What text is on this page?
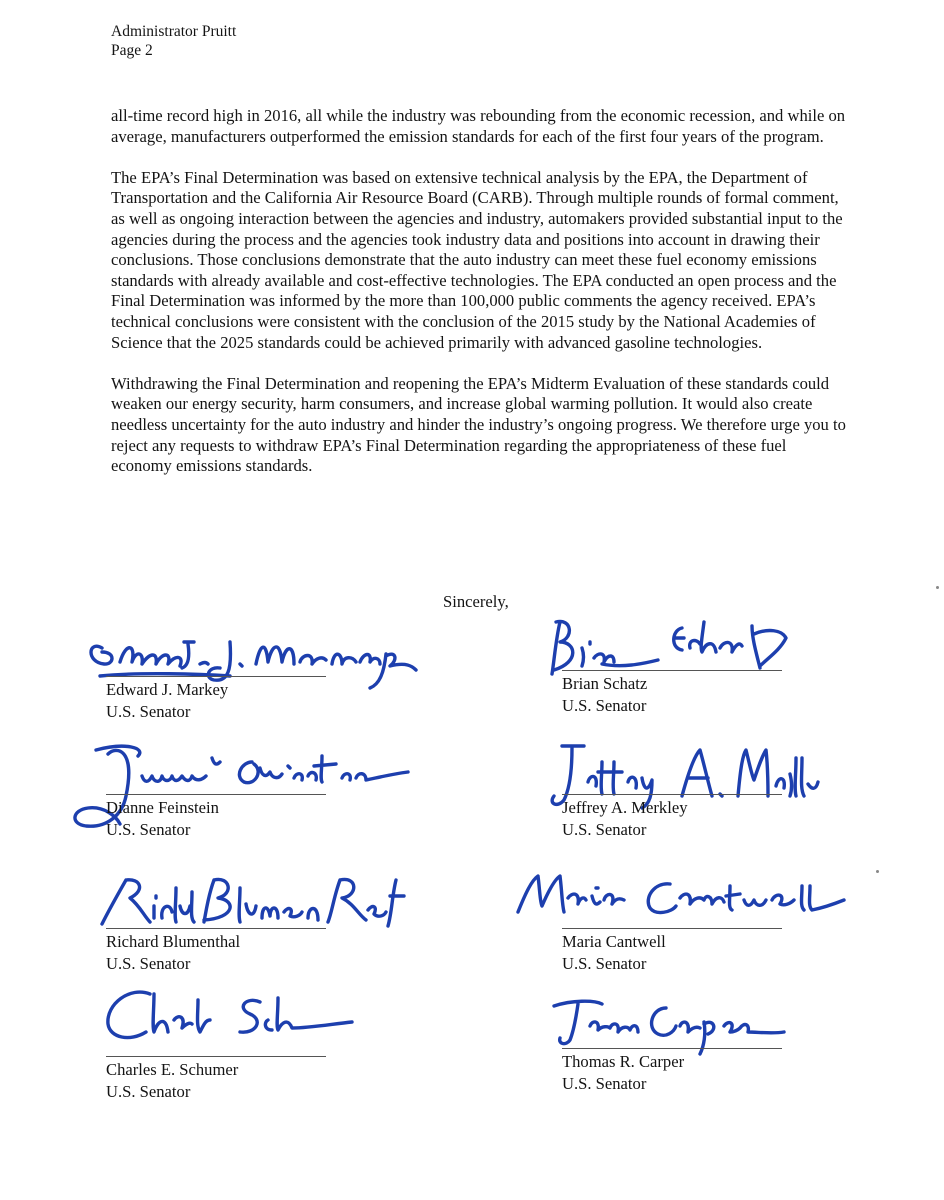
Administrator Pruitt
Page 2

all-time record high in 2016, all while the industry was rebounding from the economic recession, and while on average, manufacturers outperformed the emission standards for each of the first four years of the program.

The EPA’s Final Determination was based on extensive technical analysis by the EPA, the Department of Transportation and the California Air Resource Board (CARB). Through multiple rounds of formal comment, as well as ongoing interaction between the agencies and industry, automakers provided substantial input to the agencies during the process and the agencies took industry data and positions into account in drawing their conclusions. Those conclusions demonstrate that the auto industry can meet these fuel economy emissions standards with already available and cost-effective technologies. The EPA conducted an open process and the Final Determination was informed by the more than 100,000 public comments the agency received. EPA’s technical conclusions were consistent with the conclusion of the 2015 study by the National Academies of Science that the 2025 standards could be achieved primarily with advanced gasoline technologies.

Withdrawing the Final Determination and reopening the EPA’s Midterm Evaluation of these standards could weaken our energy security, harm consumers, and increase global warming pollution. It would also create needless uncertainty for the auto industry and hinder the industry’s ongoing progress. We therefore urge you to reject any requests to withdraw EPA’s Final Determination regarding the appropriateness of these fuel economy emissions standards.

Sincerely,
Edward J. Markey
U.S. Senator
Brian Schatz
U.S. Senator
Dianne Feinstein
U.S. Senator
Jeffrey A. Merkley
U.S. Senator
Richard Blumenthal
U.S. Senator
Maria Cantwell
U.S. Senator
Charles E. Schumer
U.S. Senator
Thomas R. Carper
U.S. Senator
